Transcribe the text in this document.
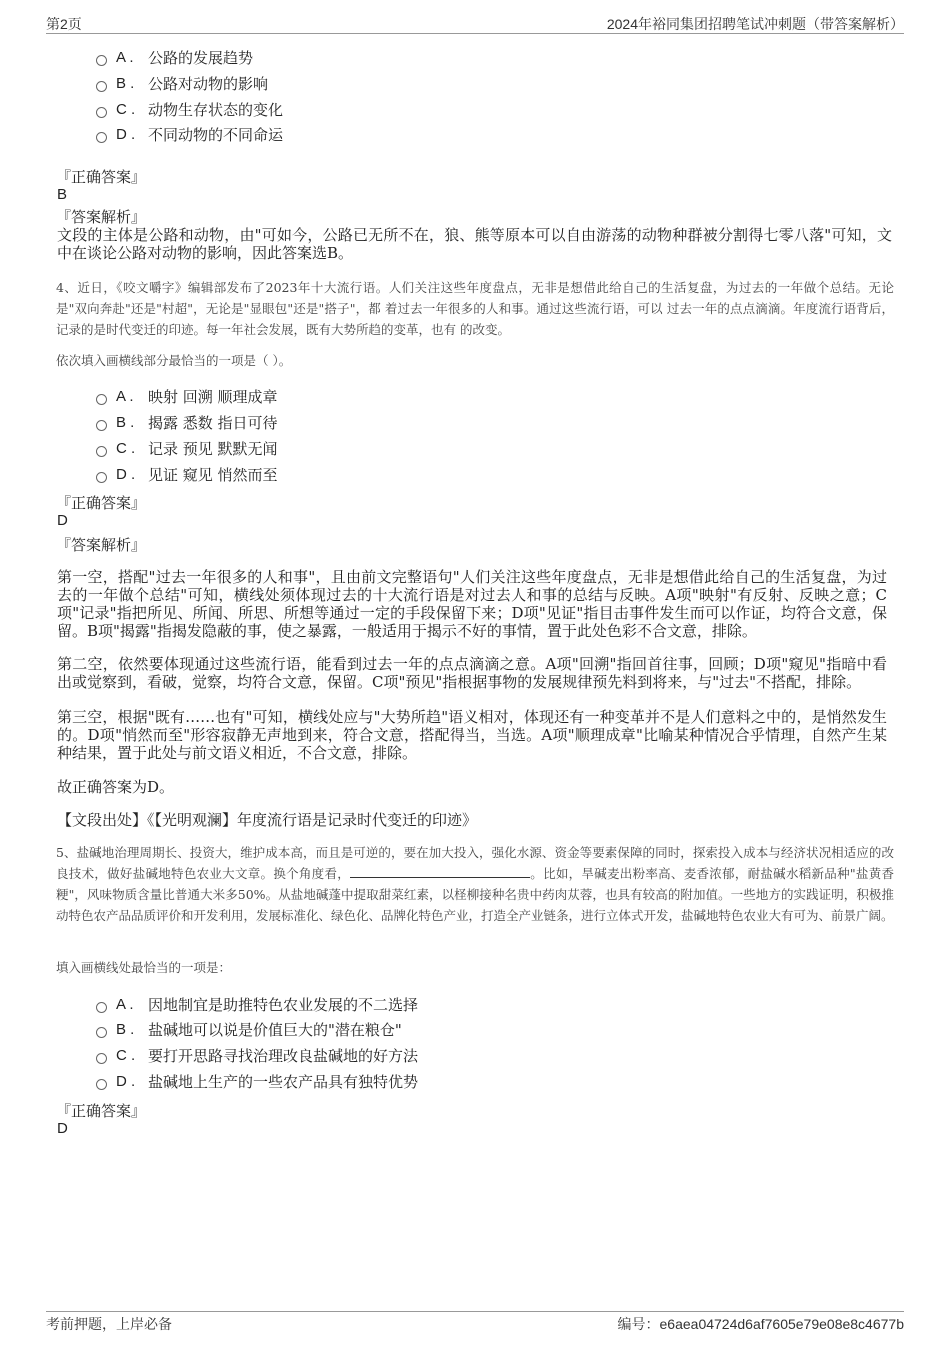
第2页	2024年裕同集团招聘笔试冲刺题（带答案解析）
A . 公路的发展趋势
B . 公路对动物的影响
C . 动物生存状态的变化
D . 不同动物的不同命运
『正确答案』
B
『答案解析』
文段的主体是公路和动物，由"可如今，公路已无所不在，狼、熊等原本可以自由游荡的动物种群被分割得七零八落"可知，文中在谈论公路对动物的影响，因此答案选B。
4、近日，《咬文嚼字》编辑部发布了2023年十大流行语。人们关注这些年度盘点，无非是想借此给自己的生活复盘，为过去的一年做个总结。无论是"双向奔赴"还是"村超"，无论是"显眼包"还是"搭子"，都 着过去一年很多的人和事。通过这些流行语，可以 过去一年的点点滴滴。年度流行语背后，记录的是时代变迁的印迹。每一年社会发展，既有大势所趋的变革，也有 的改变。
依次填入画横线部分最恰当的一项是（ ）。
A . 映射 回溯 顺理成章
B . 揭露 悉数 指日可待
C . 记录 预见 默默无闻
D . 见证 窥见 悄然而至
『正确答案』
D
『答案解析』
第一空，搭配"过去一年很多的人和事"，且由前文完整语句"人们关注这些年度盘点，无非是想借此给自己的生活复盘，为过去的一年做个总结"可知，横线处须体现过去的十大流行语是对过去人和事的总结与反映。A项"映射"有反射、反映之意；C项"记录"指把所见、所闻、所思、所想等通过一定的手段保留下来；D项"见证"指目击事件发生而可以作证，均符合文意，保留。B项"揭露"指揭发隐蔽的事，使之暴露，一般适用于揭示不好的事情，置于此处色彩不合文意，排除。
第二空，依然要体现通过这些流行语，能看到过去一年的点点滴滴之意。A项"回溯"指回首往事，回顾；D项"窥见"指暗中看出或觉察到，看破，觉察，均符合文意，保留。C项"预见"指根据事物的发展规律预先料到将来，与"过去"不搭配，排除。
第三空，根据"既有……也有"可知，横线处应与"大势所趋"语义相对，体现还有一种变革并不是人们意料之中的，是悄然发生的。D项"悄然而至"形容寂静无声地到来，符合文意，搭配得当，当选。A项"顺理成章"比喻某种情况合乎情理，自然产生某种结果，置于此处与前文语义相近，不合文意，排除。
故正确答案为D。
【文段出处】《【光明观澜】年度流行语是记录时代变迁的印迹》
5、盐碱地治理周期长、投资大，维护成本高，而且是可逆的，要在加大投入，强化水源、资金等要素保障的同时，探索投入成本与经济状况相适应的改良技术，做好盐碱地特色农业大文章。换个角度看，	。比如，旱碱麦出粉率高、麦香浓郁，耐盐碱水稻新品种"盐黄香粳"，风味物质含量比普通大米多50%。从盐地碱蓬中提取甜菜红素，以柽柳接种名贵中药肉苁蓉，也具有较高的附加值。一些地方的实践证明，积极推动特色农产品品质评价和开发利用，发展标准化、绿色化、品牌化特色产业，打造全产业链条，进行立体式开发，盐碱地特色农业大有可为、前景广阔。
填入画横线处最恰当的一项是：
A . 因地制宜是助推特色农业发展的不二选择
B . 盐碱地可以说是价值巨大的"潜在粮仓"
C . 要打开思路寻找治理改良盐碱地的好方法
D . 盐碱地上生产的一些农产品具有独特优势
『正确答案』
D
考前押题，上岸必备	编号：e6aea04724d6af7605e79e08e8c4677b
